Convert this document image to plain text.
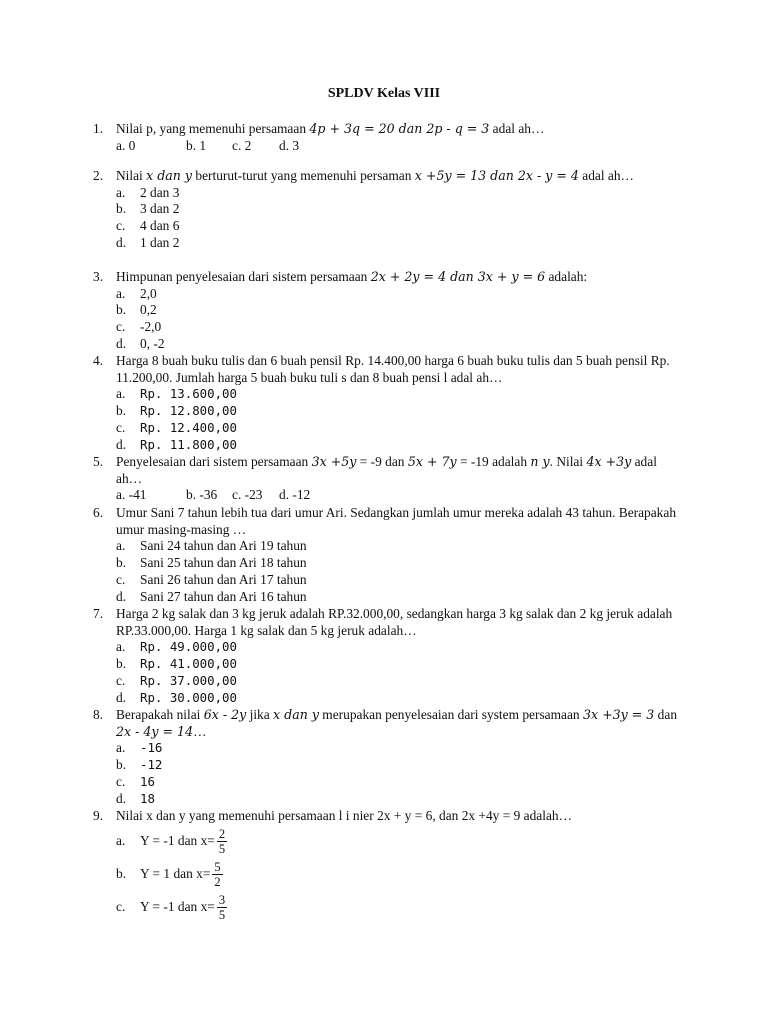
SPLDV Kelas VIII
1. Nilai p, yang memenuhi persamaan 4p + 3q = 20 dan 2p - q = 3 adal ah…
a. 0	b. 1 c. 2 d. 3
2. Nilai x dan y berturut-turut yang memenuhi persaman x +5y = 13 dan 2x - y = 4 adal ah…
a.	2 dan 3
b.	3 dan 2
c.	4 dan 6
d.	1 dan 2
3. Himpunan penyelesaian dari sistem persamaan 2x + 2y = 4 dan 3x + y = 6 adalah:
a.	2,0
b.	0,2
c.	-2,0
d.	0, -2
4. Harga 8 buah buku tulis dan 6 buah pensil Rp. 14.400,00 harga 6 buah buku tulis dan 5 buah pensil Rp. 11.200,00. Jumlah harga 5 buah buku tuli s dan 8 buah pensi l adal ah…
a.	Rp. 13.600,00
b.	Rp. 12.800,00
c.	Rp. 12.400,00
d.	Rp. 11.800,00
5. Penyelesaian dari sistem persamaan 3x +5y = -9 dan 5x + 7y = -19 adalah n y. Nilai 4x +3y adal ah…
a. -41	b. -36 c. -23 d. -12
6. Umur Sani 7 tahun lebih tua dari umur Ari. Sedangkan jumlah umur mereka adalah 43 tahun. Berapakah umur masing-masing …
a.	Sani 24 tahun dan Ari 19 tahun
b.	Sani 25 tahun dan Ari 18 tahun
c.	Sani 26 tahun dan Ari 17 tahun
d.	Sani 27 tahun dan Ari 16 tahun
7. Harga 2 kg salak dan 3 kg jeruk adalah RP.32.000,00, sedangkan harga 3 kg salak dan 2 kg jeruk adalah RP.33.000,00. Harga 1 kg salak dan 5 kg jeruk adalah…
a.	Rp. 49.000,00
b.	Rp. 41.000,00
c.	Rp. 37.000,00
d.	Rp. 30.000,00
8. Berapakah nilai 6x - 2y jika x dan y merupakan penyelesaian dari system persamaan 3x +3y = 3 dan 2x - 4y = 14…
a.	-16
b.	-12
c.	16
d.	18
9. Nilai x dan y yang memenuhi persamaan l i nier 2x + y = 6, dan 2x +4y = 9 adalah…
a.	Y = -1 dan $x= \frac{2}{5}$
b.	Y = 1 dan $x= \frac{5}{2}$
c.	Y = -1 dan $x= \frac{3}{5}$
